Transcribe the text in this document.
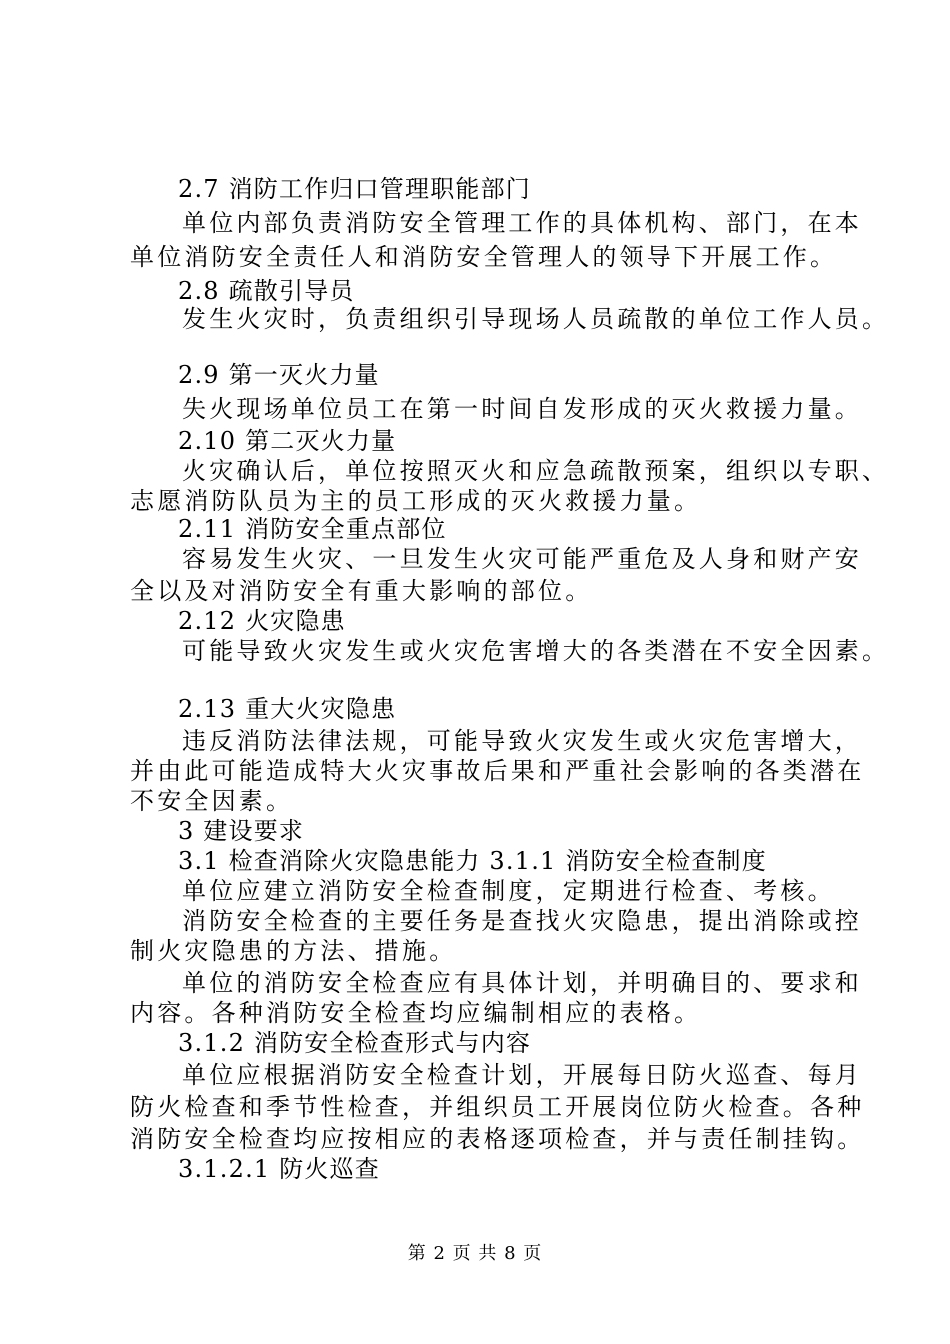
2.7 消防工作归口管理职能部门
单位内部负责消防安全管理工作的具体机构、部门，在本
单位消防安全责任人和消防安全管理人的领导下开展工作。
2.8 疏散引导员
发生火灾时，负责组织引导现场人员疏散的单位工作人员。
2.9 第一灭火力量
失火现场单位员工在第一时间自发形成的灭火救援力量。
2.10 第二灭火力量
火灾确认后，单位按照灭火和应急疏散预案，组织以专职、
志愿消防队员为主的员工形成的灭火救援力量。
2.11 消防安全重点部位
容易发生火灾、一旦发生火灾可能严重危及人身和财产安
全以及对消防安全有重大影响的部位。
2.12 火灾隐患
可能导致火灾发生或火灾危害增大的各类潜在不安全因素。
2.13 重大火灾隐患
违反消防法律法规，可能导致火灾发生或火灾危害增大，
并由此可能造成特大火灾事故后果和严重社会影响的各类潜在
不安全因素。
3 建设要求
3.1 检查消除火灾隐患能力 3.1.1 消防安全检查制度
单位应建立消防安全检查制度，定期进行检查、考核。
消防安全检查的主要任务是查找火灾隐患，提出消除或控
制火灾隐患的方法、措施。
单位的消防安全检查应有具体计划，并明确目的、要求和
内容。各种消防安全检查均应编制相应的表格。
3.1.2 消防安全检查形式与内容
单位应根据消防安全检查计划，开展每日防火巡查、每月
防火检查和季节性检查，并组织员工开展岗位防火检查。各种
消防安全检查均应按相应的表格逐项检查，并与责任制挂钩。
3.1.2.1 防火巡查
第 2 页 共 8 页
